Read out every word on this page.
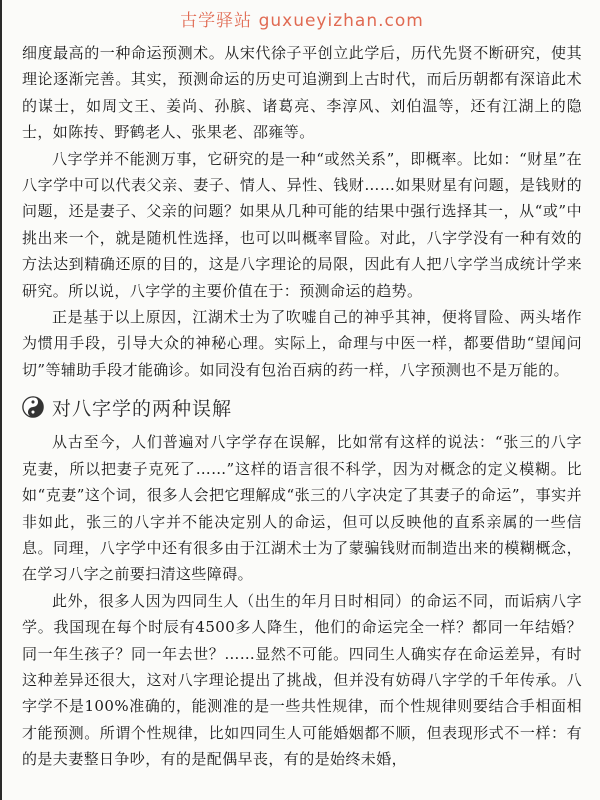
古学驿站 guxueyizhan.com

细度最高的一种命运预测术。从宋代徐子平创立此学后，历代先贤不断研究，使其理论逐渐完善。其实，预测命运的历史可追溯到上古时代，而后历朝都有深谙此术的谋士，如周文王、姜尚、孙膑、诸葛亮、李淳风、刘伯温等，还有江湖上的隐士，如陈抟、野鹤老人、张果老、邵雍等。

八字学并不能测万事，它研究的是一种“或然关系”，即概率。比如：“财星”在八字学中可以代表父亲、妻子、情人、异性、钱财……如果财星有问题，是钱财的问题，还是妻子、父亲的问题？如果从几种可能的结果中强行选择其一，从“或”中挑出来一个，就是随机性选择，也可以叫概率冒险。对此，八字学没有一种有效的方法达到精确还原的目的，这是八字理论的局限，因此有人把八字学当成统计学来研究。所以说，八字学的主要价值在于：预测命运的趋势。

正是基于以上原因，江湖术士为了吹嘘自己的神乎其神，便将冒险、两头堵作为惯用手段，引导大众的神秘心理。实际上，命理与中医一样，都要借助“望闻问切”等辅助手段才能确诊。如同没有包治百病的药一样，八字预测也不是万能的。

对八字学的两种误解

从古至今，人们普遍对八字学存在误解，比如常有这样的说法：“张三的八字克妻，所以把妻子克死了……”这样的语言很不科学，因为对概念的定义模糊。比如“克妻”这个词，很多人会把它理解成“张三的八字决定了其妻子的命运”，事实并非如此，张三的八字并不能决定别人的命运，但可以反映他的直系亲属的一些信息。同理，八字学中还有很多由于江湖术士为了蒙骗钱财而制造出来的模糊概念，在学习八字之前要扫清这些障碍。

此外，很多人因为四同生人（出生的年月日时相同）的命运不同，而诟病八字学。我国现在每个时辰有4500多人降生，他们的命运完全一样？都同一年结婚？同一年生孩子？同一年去世？……显然不可能。四同生人确实存在命运差异，有时这种差异还很大，这对八字理论提出了挑战，但并没有妨碍八字学的千年传承。八字学不是100%准确的，能测准的是一些共性规律，而个性规律则要结合手相面相才能预测。所谓个性规律，比如四同生人可能婚姻都不顺，但表现形式不一样：有的是夫妻整日争吵，有的是配偶早丧，有的是始终未婚，
